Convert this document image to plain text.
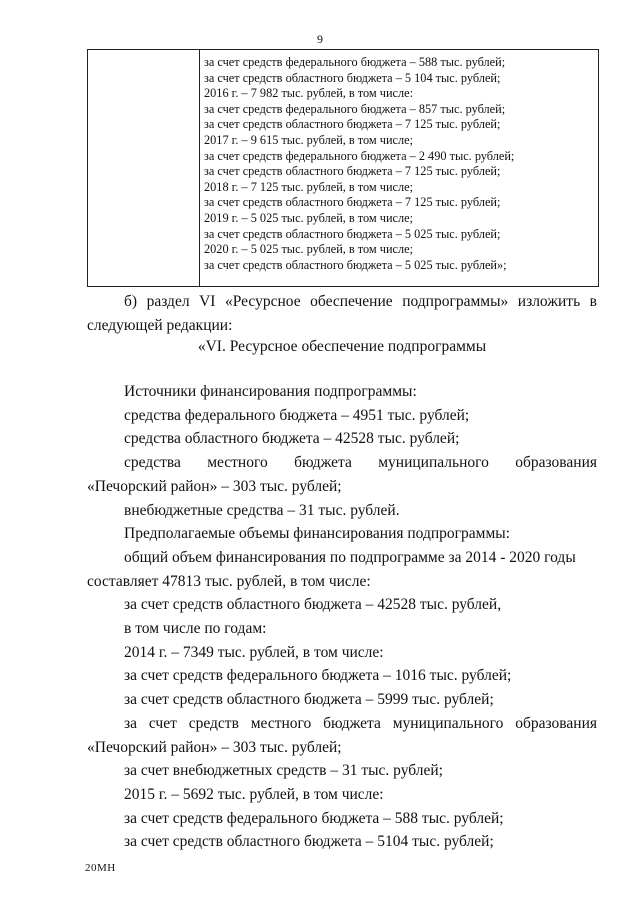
9
за счет средств федерального бюджета – 588 тыс. рублей;
за счет средств областного бюджета – 5 104 тыс. рублей;
2016 г. – 7 982 тыс. рублей, в том числе:
за счет средств федерального бюджета – 857 тыс. рублей;
за счет средств областного бюджета – 7 125 тыс. рублей;
2017 г. – 9 615 тыс. рублей, в том числе;
за счет средств федерального бюджета – 2 490 тыс. рублей;
за счет средств областного бюджета – 7 125 тыс. рублей;
2018 г. – 7 125 тыс. рублей, в том числе;
за счет средств областного бюджета – 7 125 тыс. рублей;
2019 г. – 5 025 тыс. рублей, в том числе;
за счет средств областного бюджета – 5 025 тыс. рублей;
2020 г. – 5 025 тыс. рублей, в том числе;
за счет средств областного бюджета – 5 025 тыс. рублей»;
б) раздел VI «Ресурсное обеспечение подпрограммы» изложить в
следующей редакции:
«VI. Ресурсное обеспечение подпрограммы
Источники финансирования подпрограммы:
средства федерального бюджета – 4951 тыс. рублей;
средства областного бюджета – 42528 тыс. рублей;
средства местного бюджета муниципального образования
«Печорский район» – 303 тыс. рублей;
внебюджетные средства – 31 тыс. рублей.
Предполагаемые объемы финансирования подпрограммы:
общий объем финансирования по подпрограмме за 2014 - 2020 годы
составляет 47813 тыс. рублей, в том числе:
за счет средств областного бюджета – 42528 тыс. рублей,
в том числе по годам:
2014 г. – 7349 тыс. рублей, в том числе:
за счет средств федерального бюджета – 1016 тыс. рублей;
за счет средств областного бюджета – 5999 тыс. рублей;
за счет средств местного бюджета муниципального образования
«Печорский район» – 303 тыс. рублей;
за счет внебюджетных средств – 31 тыс. рублей;
2015 г. – 5692 тыс. рублей, в том числе:
за счет средств федерального бюджета – 588 тыс. рублей;
за счет средств областного бюджета – 5104 тыс. рублей;
20МН
